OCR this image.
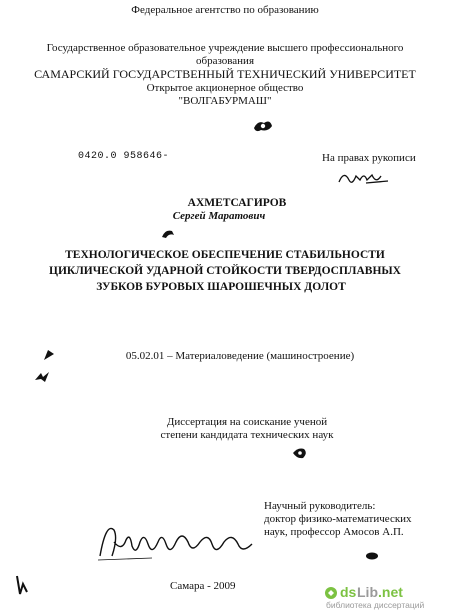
Федеральное агентство по образованию
Государственное образовательное учреждение высшего профессионального
образования
САМАРСКИЙ ГОСУДАРСТВЕННЫЙ ТЕХНИЧЕСКИЙ УНИВЕРСИТЕТ
Открытое акционерное общество
"ВОЛГАБУРМАШ"
0420.0 958646-	На правах рукописи
АХМЕТСАГИРОВ
Сергей Маратович
ТЕХНОЛОГИЧЕСКОЕ ОБЕСПЕЧЕНИЕ СТАБИЛЬНОСТИ
ЦИКЛИЧЕСКОЙ УДАРНОЙ СТОЙКОСТИ ТВЕРДОСПЛАВНЫХ
ЗУБКОВ БУРОВЫХ ШАРОШЕЧНЫХ ДОЛОТ
05.02.01 – Материаловедение (машиностроение)
Диссертация на соискание ученой
степени кандидата технических наук
Научный руководитель:
доктор физико-математических
наук, профессор Амосов А.П.
Самара - 2009	ds Lib .net
библиотека диссертаций
